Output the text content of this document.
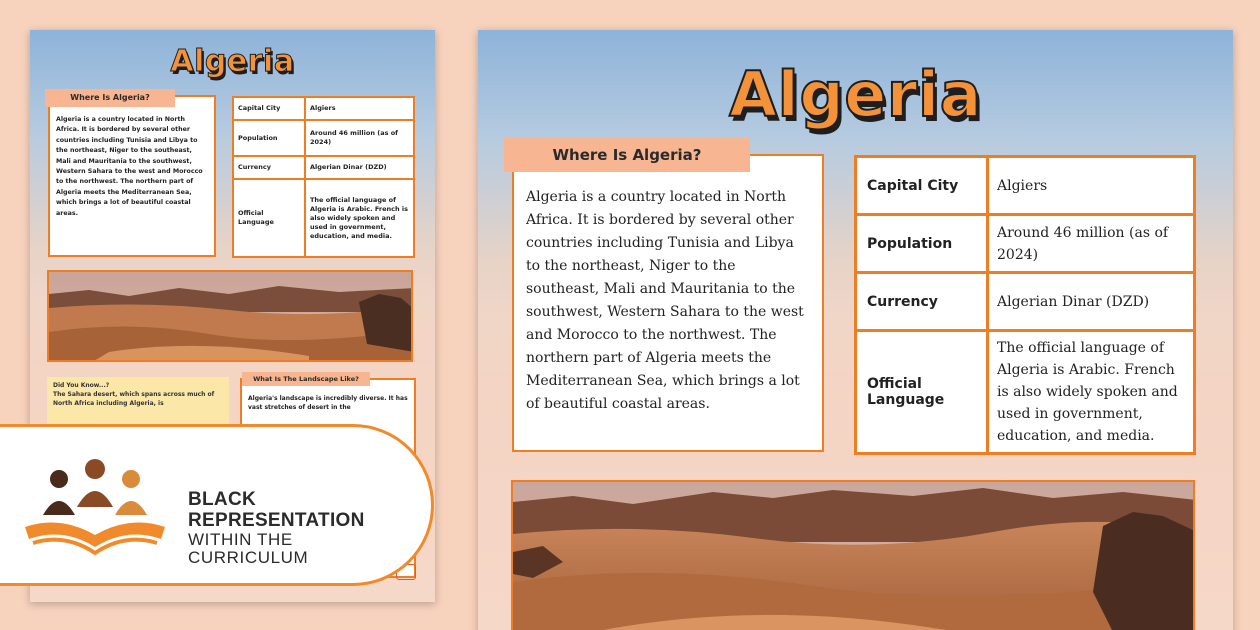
Algeria
Where Is Algeria?
Algeria is a country located in North Africa. It is bordered by several other countries including Tunisia and Libya to the northeast, Niger to the southeast, Mali and Mauritania to the southwest, Western Sahara to the west and Morocco to the northwest. The northern part of Algeria meets the Mediterranean Sea, which brings a lot of beautiful coastal areas.
Capital City	Algiers
Population	Around 46 million (as of 2024)
Currency	Algerian Dinar (DZD)
Official Language	The official language of Algeria is Arabic. French is also widely spoken and used in government, education, and media.
Did You Know...?
The Sahara desert, which spans across much of North Africa including Algeria, is
What Is The Landscape Like?
Algeria's landscape is incredibly diverse. It has vast stretches of desert in the
Algeria
Where Is Algeria?
Algeria is a country located in North Africa. It is bordered by several other countries including Tunisia and Libya to the northeast, Niger to the southeast, Mali and Mauritania to the southwest, Western Sahara to the west and Morocco to the northwest. The northern part of Algeria meets the Mediterranean Sea, which brings a lot of beautiful coastal areas.
Capital City	Algiers
Population	Around 46 million (as of 2024)
Currency	Algerian Dinar (DZD)
Official Language	The official language of Algeria is Arabic. French is also widely spoken and used in government, education, and media.
BLACK
REPRESENTATION
WITHIN THE
CURRICULUM
